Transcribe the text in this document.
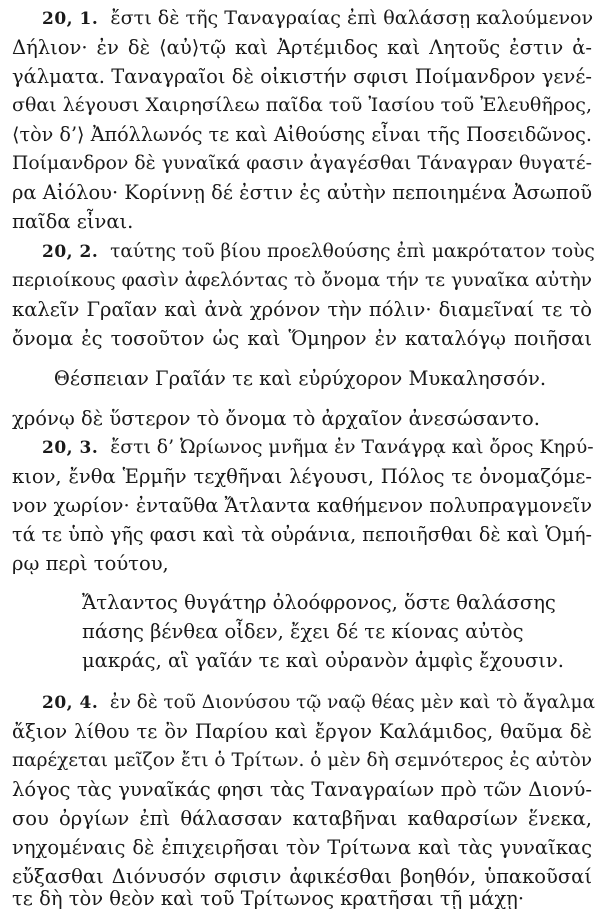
20, 1. ἔστι δὲ τῆς Ταναγραίας ἐπὶ θαλάσσῃ καλούμενον
Δήλιον· ἐν δὲ ⟨αὐ⟩τῷ καὶ Ἀρτέμιδος καὶ Λητοῦς ἐστιν ἀ-
γάλματα. Ταναγραῖοι δὲ οἰκιστήν σφισι Ποίμανδρον γενέ-
σθαι λέγουσι Χαιρησίλεω παῖδα τοῦ Ἰασίου τοῦ Ἐλευθῆρος,
⟨τὸν δ’⟩ Ἀπόλλωνός τε καὶ Αἰθούσης εἶναι τῆς Ποσειδῶνος.
Ποίμανδρον δὲ γυναῖκά φασιν ἀγαγέσθαι Τάναγραν θυγατέ-
ρα Αἰόλου· Κορίννῃ δέ ἐστιν ἐς αὐτὴν πεποιημένα Ἀσωποῦ
παῖδα εἶναι.
20, 2. ταύτης τοῦ βίου προελθούσης ἐπὶ μακρότατον τοὺς
περιοίκους φασὶν ἀφελόντας τὸ ὄνομα τήν τε γυναῖκα αὐτὴν
καλεῖν Γραῖαν καὶ ἀνὰ χρόνον τὴν πόλιν· διαμεῖναί τε τὸ
ὄνομα ἐς τοσοῦτον ὡς καὶ Ὅμηρον ἐν καταλόγῳ ποιῆσαι
Θέσπειαν Γραῖάν τε καὶ εὐρύχορον Μυκαλησσόν.
χρόνῳ δὲ ὕστερον τὸ ὄνομα τὸ ἀρχαῖον ἀνεσώσαντο.
20, 3. ἔστι δ’ Ὠρίωνος μνῆμα ἐν Τανάγρᾳ καὶ ὄρος Κηρύ-
κιον, ἔνθα Ἑρμῆν τεχθῆναι λέγουσι, Πόλος τε ὀνομαζόμε-
νον χωρίον· ἐνταῦθα Ἄτλαντα καθήμενον πολυπραγμονεῖν
τά τε ὑπὸ γῆς φασι καὶ τὰ οὐράνια, πεποιῆσθαι δὲ καὶ Ὁμή-
ρῳ περὶ τούτου,
Ἄτλαντος θυγάτηρ ὀλοόφρονος, ὅστε θαλάσσης
πάσης βένθεα οἶδεν, ἔχει δέ τε κίονας αὐτὸς
μακράς, αἳ γαῖάν τε καὶ οὐρανὸν ἀμφὶς ἔχουσιν.
20, 4. ἐν δὲ τοῦ Διονύσου τῷ ναῷ θέας μὲν καὶ τὸ ἄγαλμα
ἄξιον λίθου τε ὂν Παρίου καὶ ἔργον Καλάμιδος, θαῦμα δὲ
παρέχεται μεῖζον ἔτι ὁ Τρίτων. ὁ μὲν δὴ σεμνότερος ἐς αὐτὸν
λόγος τὰς γυναῖκάς φησι τὰς Ταναγραίων πρὸ τῶν Διονύ-
σου ὀργίων ἐπὶ θάλασσαν καταβῆναι καθαρσίων ἕνεκα,
νηχομέναις δὲ ἐπιχειρῆσαι τὸν Τρίτωνα καὶ τὰς γυναῖκας
εὔξασθαι Διόνυσόν σφισιν ἀφικέσθαι βοηθόν, ὑπακοῦσαί
τε δὴ τὸν θεὸν καὶ τοῦ Τρίτωνος κρατῆσαι τῇ μάχῃ·
